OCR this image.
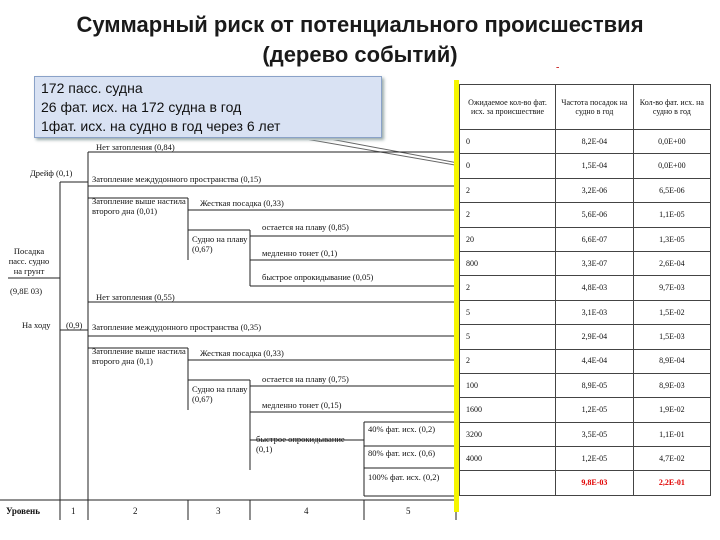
Суммарный риск от потенциального происшествия
(дерево событий)
-
172 пасс. судна
26 фат. исх. на 172 судна в год
1фат. исх. на судно в год через 6 лет
Посадка пасс. судно на грунт
(9,8Е 03)
Дрейф (0,1)
На ходу (0,9)
Нет затопления (0,84)
Затопление междудонного пространства (0,15)
Затопление выше настила второго дна (0,01)
Жесткая посадка (0,33)
Судно на плаву (0,67)
остается на плаву (0,85)
медленно тонет (0,1)
быстрое опрокидывание (0,05)
Нет затопления (0,55)
Затопление междудонного пространства (0,35)
Затопление выше настила второго дна (0,1)
Жесткая посадка (0,33)
Судно на плаву (0,67)
остается на плаву (0,75)
медленно тонет (0,15)
быстрое опрокидывание (0,1)
40% фат. исх. (0,2)
80% фат. исх. (0,6)
100% фат. исх. (0,2)
Уровень	1	2	3	4	5
Ожидаемое кол-во фат. исх. за происшествие	Частота посадок на судно в год	Кол-во фат. исх. на судно в год
0	8,2Е-04	0,0Е+00
0	1,5Е-04	0,0Е+00
2	3,2Е-06	6,5Е-06
2	5,6Е-06	1,1Е-05
20	6,6Е-07	1,3Е-05
800	3,3Е-07	2,6Е-04
2	4,8Е-03	9,7Е-03
5	3,1Е-03	1,5Е-02
5	2,9Е-04	1,5Е-03
2	4,4Е-04	8,9Е-04
100	8,9Е-05	8,9Е-03
1600	1,2Е-05	1,9Е-02
3200	3,5Е-05	1,1Е-01
4000	1,2Е-05	4,7Е-02
	9,8Е-03	2,2Е-01
